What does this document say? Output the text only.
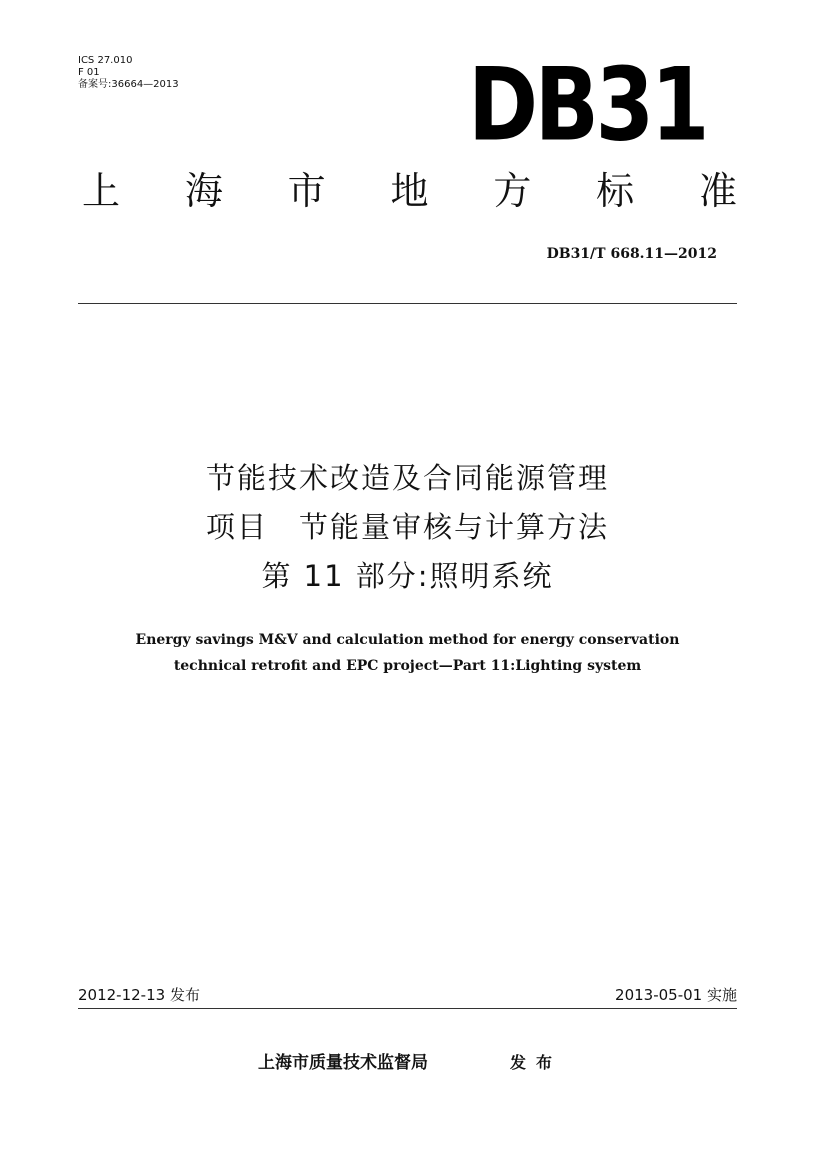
ICS 27.010
F 01
备案号:36664—2013	DB31
上 海 市 地 方 标 准
DB31/T 668.11—2012
节能技术改造及合同能源管理
项目　节能量审核与计算方法
第 11 部分:照明系统
Energy savings M&V and calculation method for energy conservation
technical retrofit and EPC project—Part 11:Lighting system
2012-12-13 发布	2013-05-01 实施
上海市质量技术监督局	发布
